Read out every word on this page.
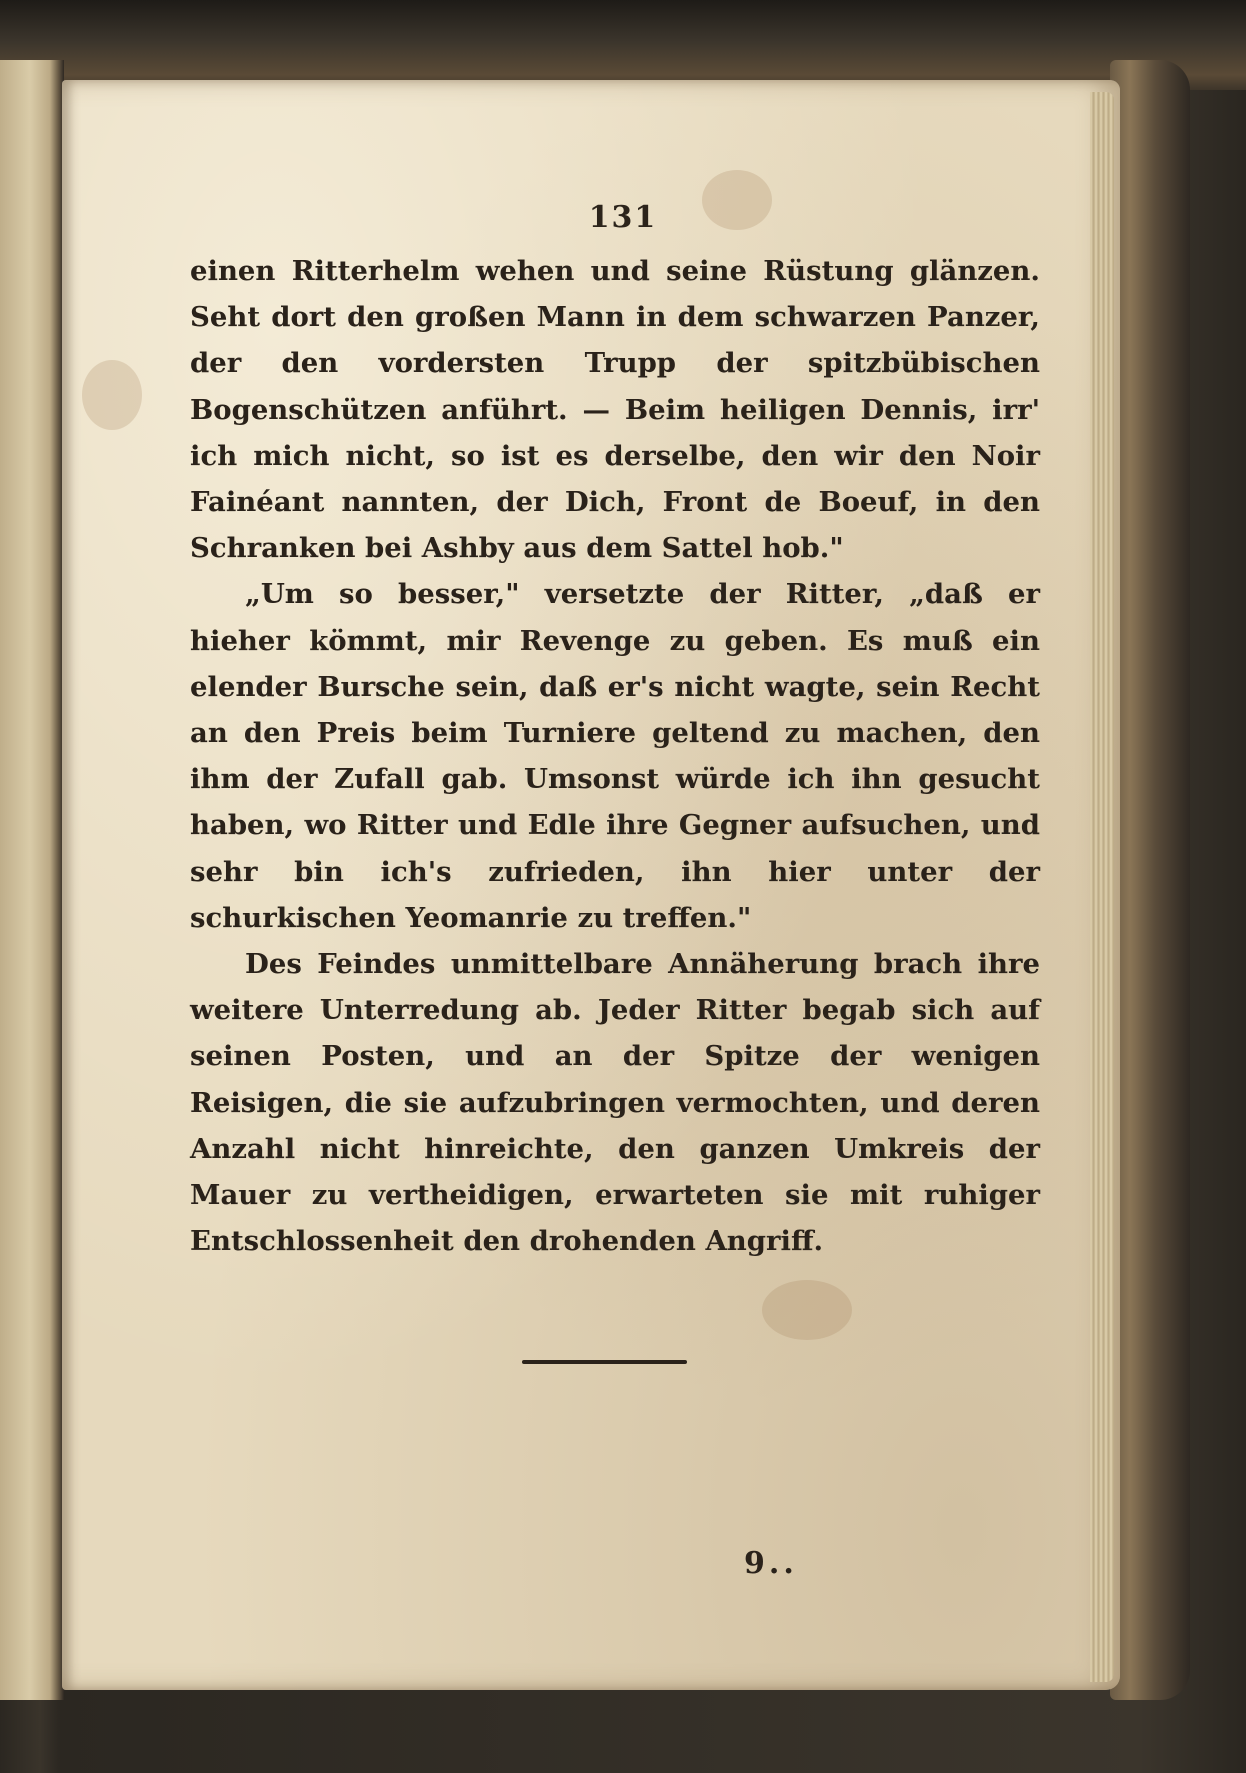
131

einen Ritterhelm wehen und seine Rüstung glänzen. Seht dort den großen Mann in dem schwarzen Panzer, der den vordersten Trupp der spitzbübischen Bogenschützen anführt. — Beim heiligen Dennis, irr' ich mich nicht, so ist es derselbe, den wir den Noir Fainéant nannten, der Dich, Front de Boeuf, in den Schranken bei Ashby aus dem Sattel hob."

„Um so besser," versetzte der Ritter, „daß er hieher kömmt, mir Revenge zu geben. Es muß ein elender Bursche sein, daß er's nicht wagte, sein Recht an den Preis beim Turniere geltend zu machen, den ihm der Zufall gab. Umsonst würde ich ihn gesucht haben, wo Ritter und Edle ihre Gegner aufsuchen, und sehr bin ich's zufrieden, ihn hier unter der schurkischen Yeomanrie zu treffen."

Des Feindes unmittelbare Annäherung brach ihre weitere Unterredung ab. Jeder Ritter begab sich auf seinen Posten, und an der Spitze der wenigen Reisigen, die sie aufzubringen vermochten, und deren Anzahl nicht hinreichte, den ganzen Umkreis der Mauer zu vertheidigen, erwarteten sie mit ruhiger Entschlossenheit den drohenden Angriff.

9..
